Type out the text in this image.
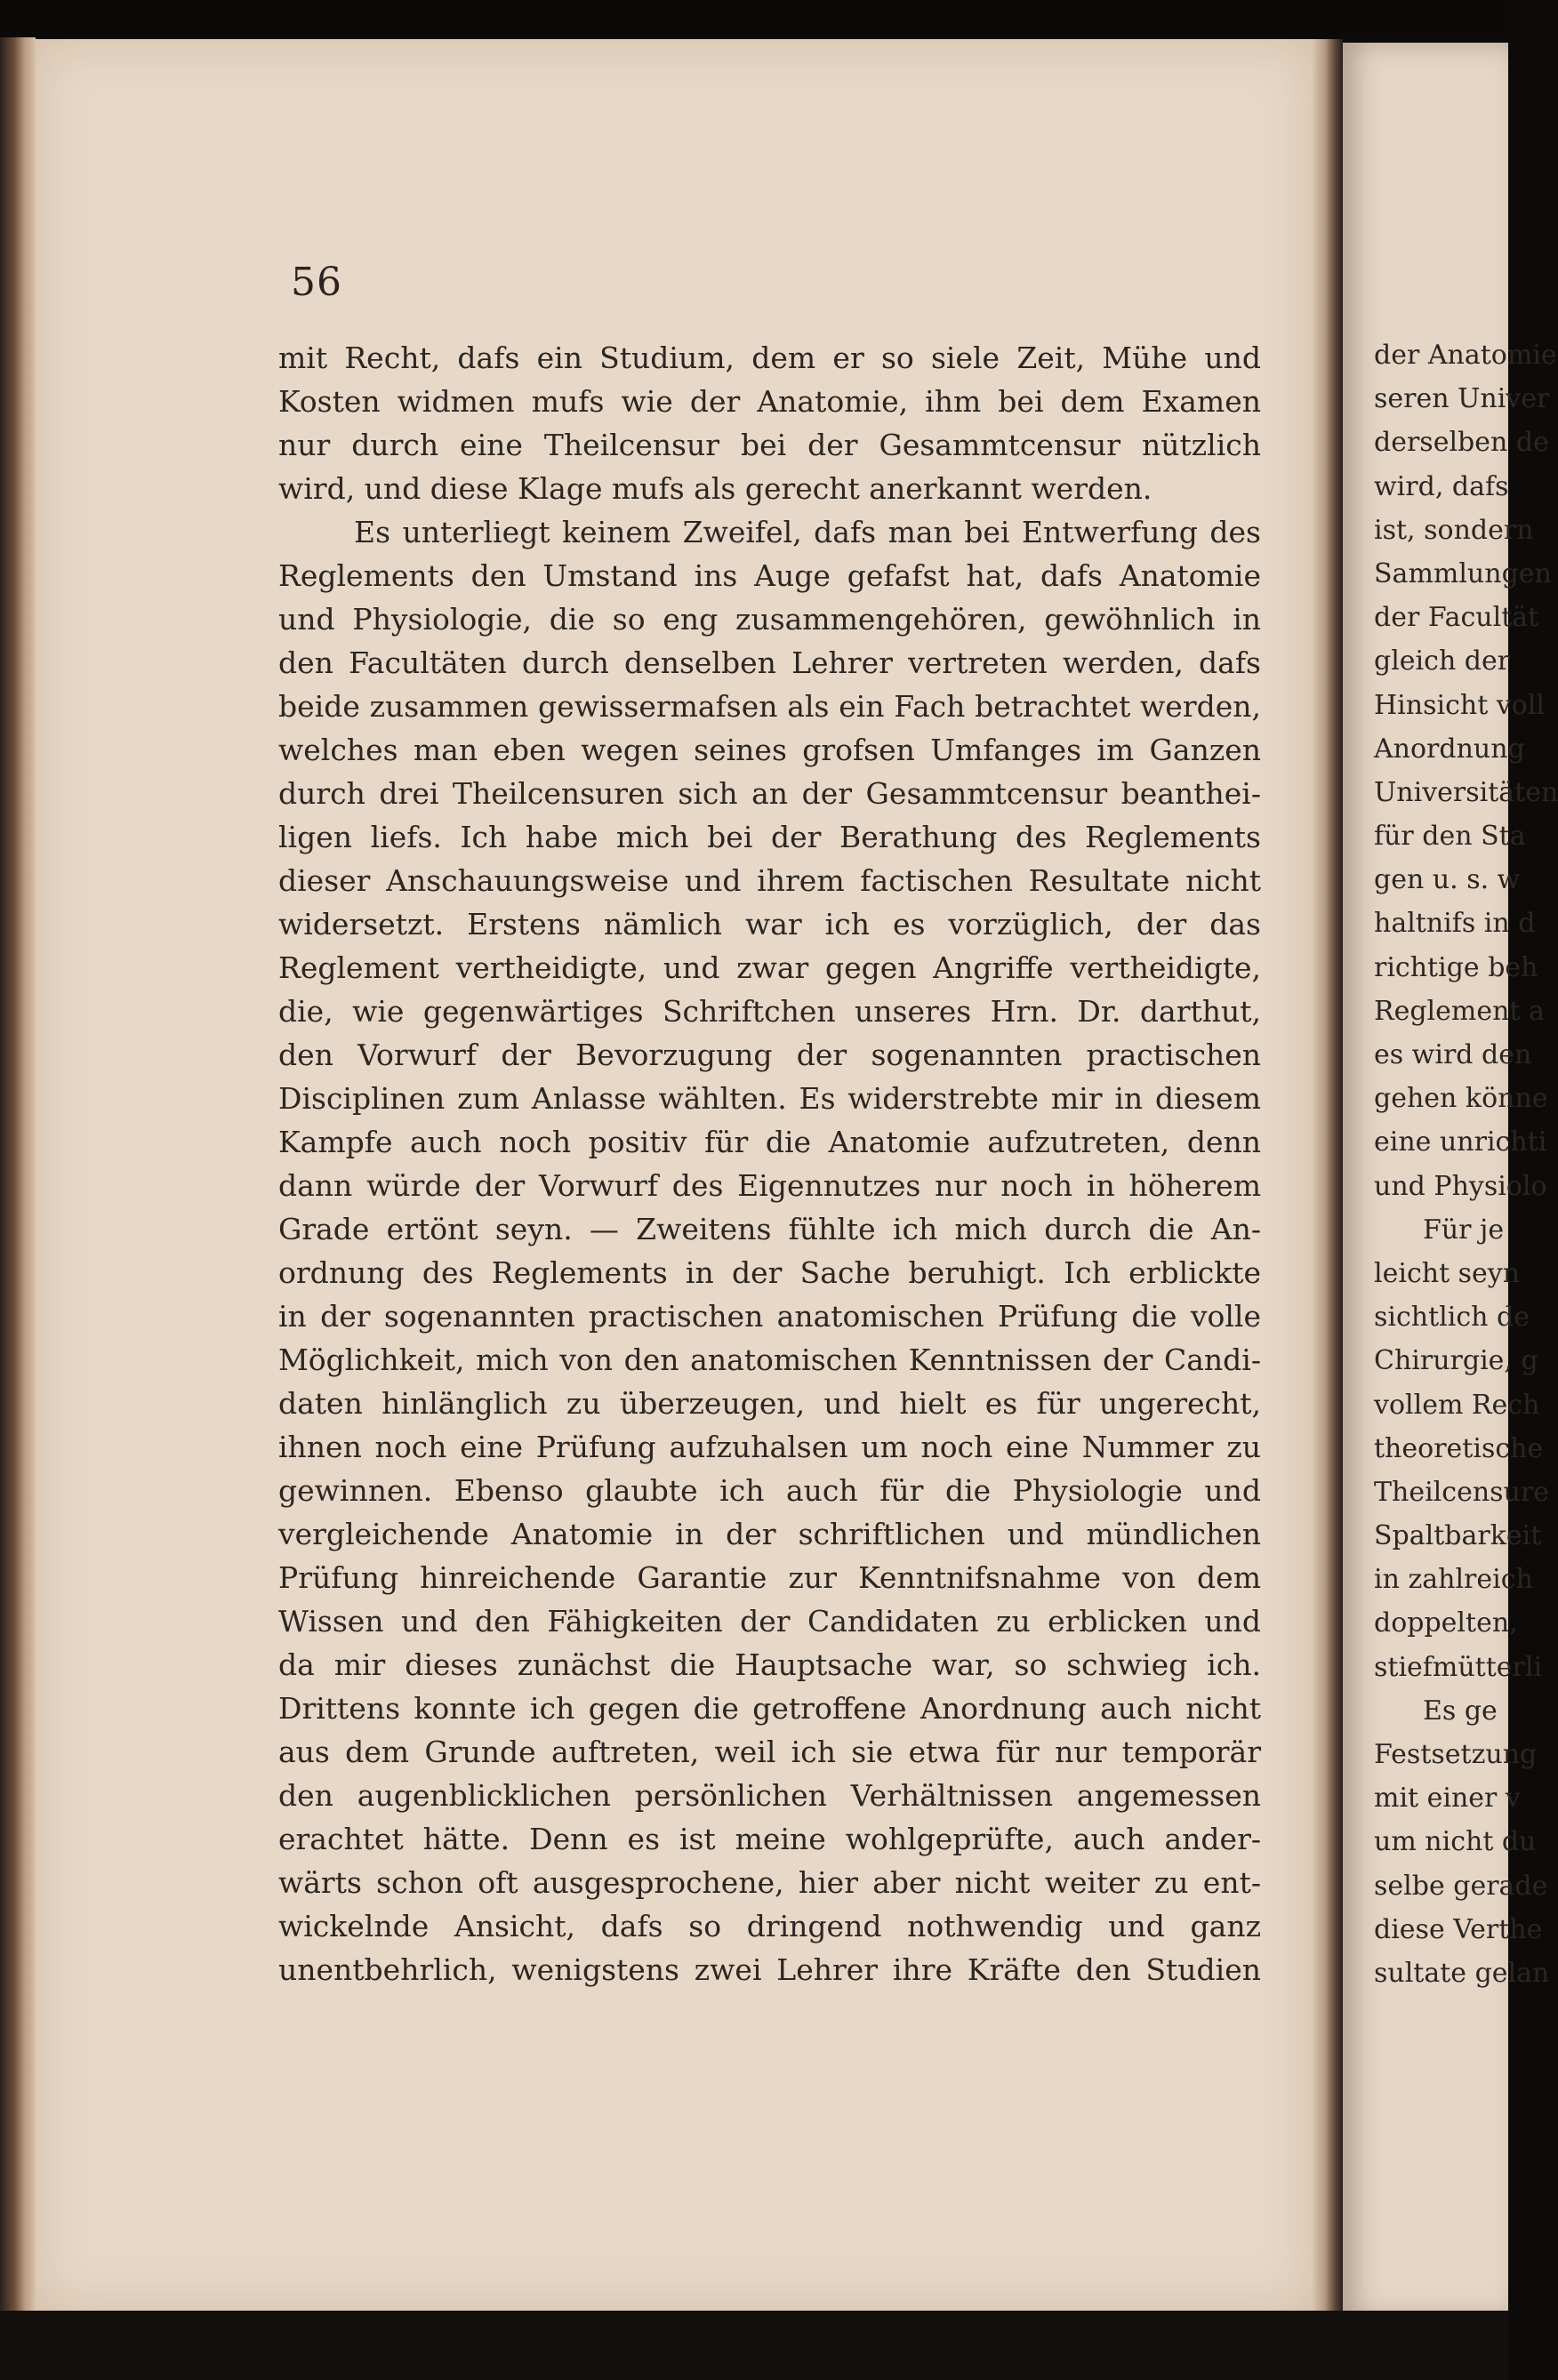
56
mit Recht, dafs ein Studium, dem er so siele Zeit, Mühe und
Kosten widmen mufs wie der Anatomie, ihm bei dem Examen
nur durch eine Theilcensur bei der Gesammtcensur nützlich
wird, und diese Klage mufs als gerecht anerkannt werden.
Es unterliegt keinem Zweifel, dafs man bei Entwerfung des
Reglements den Umstand ins Auge gefafst hat, dafs Anatomie
und Physiologie, die so eng zusammengehören, gewöhnlich in
den Facultäten durch denselben Lehrer vertreten werden, dafs
beide zusammen gewissermafsen als ein Fach betrachtet werden,
welches man eben wegen seines grofsen Umfanges im Ganzen
durch drei Theilcensuren sich an der Gesammtcensur beanthei-
ligen liefs. Ich habe mich bei der Berathung des Reglements
dieser Anschauungsweise und ihrem factischen Resultate nicht
widersetzt. Erstens nämlich war ich es vorzüglich, der das
Reglement vertheidigte, und zwar gegen Angriffe vertheidigte,
die, wie gegenwärtiges Schriftchen unseres Hrn. Dr. darthut,
den Vorwurf der Bevorzugung der sogenannten practischen
Disciplinen zum Anlasse wählten. Es widerstrebte mir in diesem
Kampfe auch noch positiv für die Anatomie aufzutreten, denn
dann würde der Vorwurf des Eigennutzes nur noch in höherem
Grade ertönt seyn. — Zweitens fühlte ich mich durch die An-
ordnung des Reglements in der Sache beruhigt. Ich erblickte
in der sogenannten practischen anatomischen Prüfung die volle
Möglichkeit, mich von den anatomischen Kenntnissen der Candi-
daten hinlänglich zu überzeugen, und hielt es für ungerecht,
ihnen noch eine Prüfung aufzuhalsen um noch eine Nummer zu
gewinnen. Ebenso glaubte ich auch für die Physiologie und
vergleichende Anatomie in der schriftlichen und mündlichen
Prüfung hinreichende Garantie zur Kenntnifsnahme von dem
Wissen und den Fähigkeiten der Candidaten zu erblicken und
da mir dieses zunächst die Hauptsache war, so schwieg ich.
Drittens konnte ich gegen die getroffene Anordnung auch nicht
aus dem Grunde auftreten, weil ich sie etwa für nur temporär
den augenblicklichen persönlichen Verhältnissen angemessen
erachtet hätte. Denn es ist meine wohlgeprüfte, auch ander-
wärts schon oft ausgesprochene, hier aber nicht weiter zu ent-
wickelnde Ansicht, dafs so dringend nothwendig und ganz
unentbehrlich, wenigstens zwei Lehrer ihre Kräfte den Studien
der Anatomie
seren Univer
derselben de
wird, dafs
ist, sondern
Sammlungen
der Facultät
gleich der
Hinsicht voll
Anordnung
Universitäten
für den Sta
gen u. s. w
haltnifs in d
richtige beh
Reglement a
es wird den
gehen könne
eine unrichti
und Physiolo
Für je
leicht seyn
sichtlich de
Chirurgie, g
vollem Rech
theoretische
Theilcensure
Spaltbarkeit
in zahlreich
doppelten,
stiefmütterli
Es ge
Festsetzung
mit einer v
um nicht du
selbe gerade
diese Verthe
sultate gelan
